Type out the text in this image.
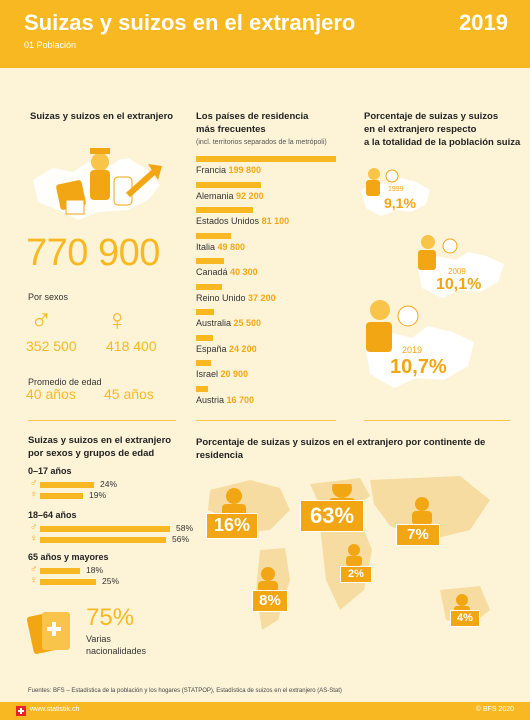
Suizas y suizos en el extranjero
01 Población
2019
Suizas y suizos en el extranjero
770 900
Por sexos
♂ ♀
352 500 418 400
Promedio de edad
40 años 45 años
Los países de residencia
más frecuentes
(incl. territorios separados de la metrópoli)
Francia 199 800
Alemania 92 200
Estados Unidos 81 100
Italia 49 800
Canadá 40 300
Reino Unido 37 200
Australia 25 500
España 24 200
Israel 20 900
Austria 16 700
Porcentaje de suizas y suizos
en el extranjero respecto
a la totalidad de la población suiza
1999
9,1%
2009
10,1%
2019
10,7%
Suizas y suizos en el extranjero
por sexos y grupos de edad
0–17 años
♂	24%
♀	19%
18–64 años
♂	58%
♀	56%
65 años y mayores
♂	18%
♀	25%
75%
Varias
nacionalidades
Porcentaje de suizas y suizos en el extranjero por continente de residencia
16%	63%
7%
2%
8%
4%
Fuentes: BFS – Estadística de la población y los hogares (STATPOP), Estadística de suizos en el extranjero (AS-Stat)
www.statistik.ch	© BFS 2020
